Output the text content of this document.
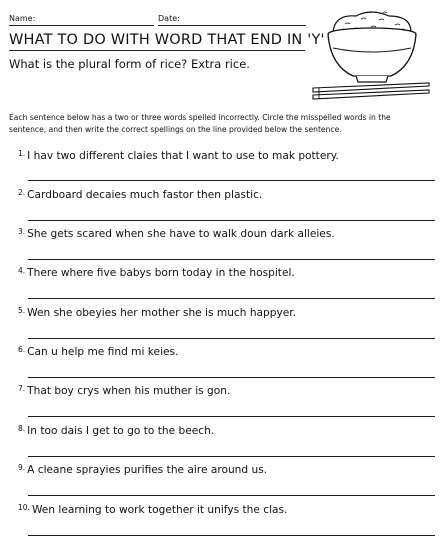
Name:	Date:
WHAT TO DO WITH WORD THAT END IN 'Y'
What is the plural form of rice? Extra rice.
Each sentence below has a two or three words spelled incorrectly. Circle the misspelled words in the sentence, and then write the correct spellings on the line provided below the sentence.
$^{1.}$ I hav two different claies that I want to use to mak pottery.
$^{2.}$ Cardboard decaies much fastor then plastic.
$^{3.}$ She gets scared when she have to walk doun dark alleies.
$^{4.}$ There where five babys born today in the hospitel.
$^{5.}$ Wen she obeyies her mother she is much happyer.
$^{6.}$ Can u help me find mi keies.
$^{7.}$ That boy crys when his muther is gon.
$^{8.}$ In too dais I get to go to the beech.
$^{9.}$ A cleane sprayies purifies the aire around us.
$^{10.}$ Wen learning to work together it unifys the clas.
